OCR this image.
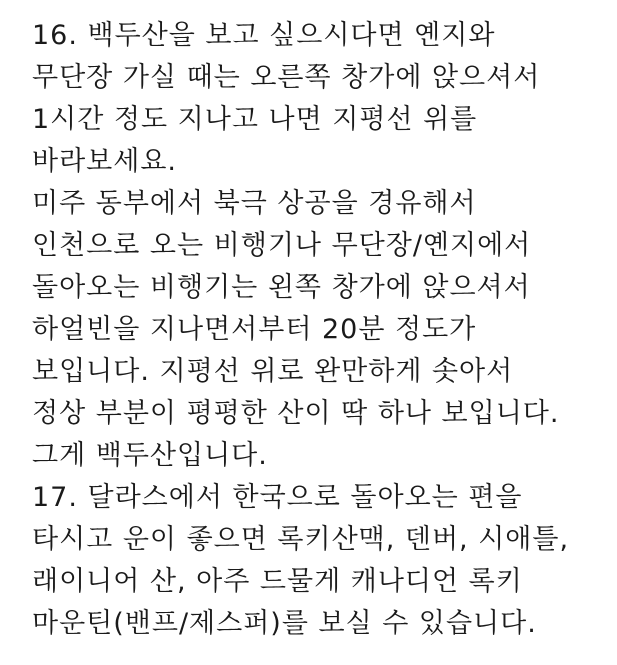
16. 백두산을 보고 싶으시다면 옌지와
무단장 가실 때는 오른쪽 창가에 앉으셔서
1시간 정도 지나고 나면 지평선 위를
바라보세요.
미주 동부에서 북극 상공을 경유해서
인천으로 오는 비행기나 무단장/옌지에서
돌아오는 비행기는 왼쪽 창가에 앉으셔서
하얼빈을 지나면서부터 20분 정도가
보입니다. 지평선 위로 완만하게 솟아서
정상 부분이 평평한 산이 딱 하나 보입니다.
그게 백두산입니다.
17. 달라스에서 한국으로 돌아오는 편을
타시고 운이 좋으면 록키산맥, 덴버, 시애틀,
래이니어 산, 아주 드물게 캐나디언 록키
마운틴(밴프/제스퍼)를 보실 수 있습니다.
